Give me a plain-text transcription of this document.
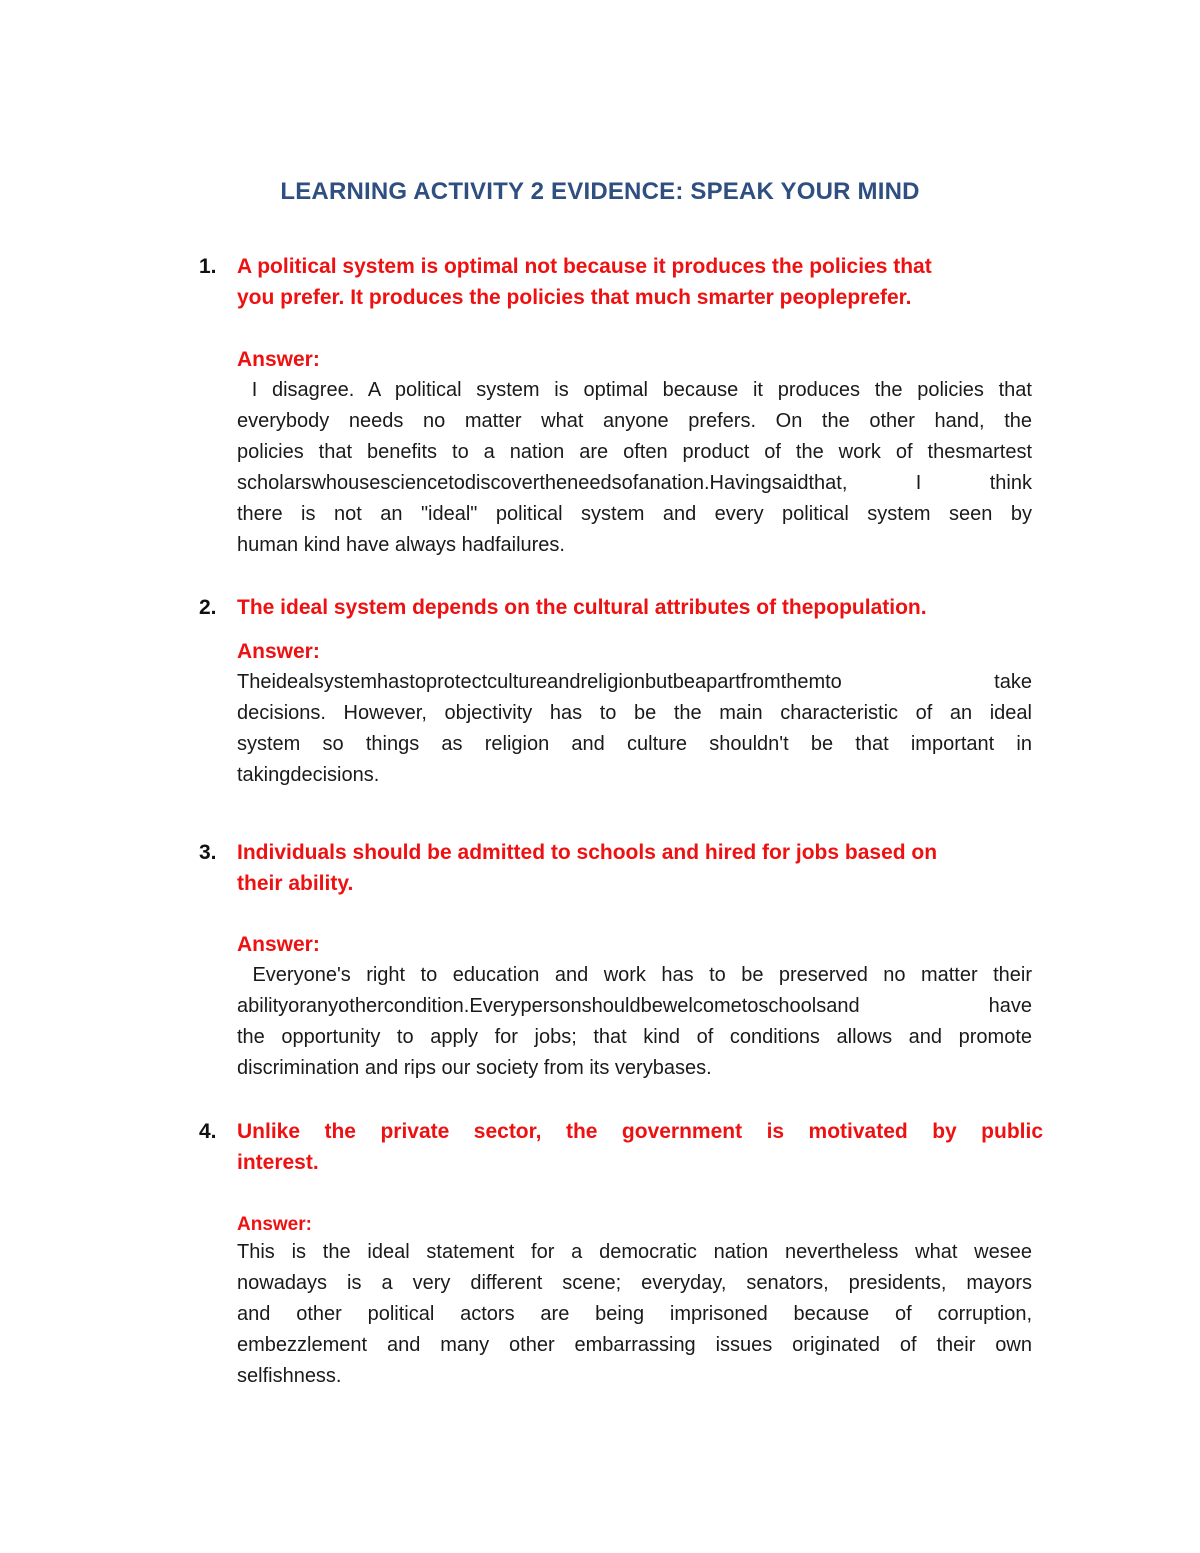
LEARNING ACTIVITY 2 EVIDENCE: SPEAK YOUR MIND
1. A political system is optimal not because it produces the policies that
you prefer. It produces the policies that much smarter peopleprefer.
Answer:
I disagree. A political system is optimal because it produces the policies that
everybody needs no matter what anyone prefers. On the other hand, the
policies that benefits to a nation are often product of the work of thesmartest
scholarswhousesciencetodiscovertheneedsofanation.Havingsaidthat, I think
there is not an "ideal" political system and every political system seen by
human kind have always hadfailures.
2. The ideal system depends on the cultural attributes of thepopulation.
Answer:
Theidealsystemhastoprotectcultureandreligionbutbeapartfromthemto take
decisions. However, objectivity has to be the main characteristic of an ideal
system so things as religion and culture shouldn't be that important in
takingdecisions.
3. Individuals should be admitted to schools and hired for jobs based on
their ability.
Answer:
Everyone's right to education and work has to be preserved no matter their
abilityoranyothercondition.Everypersonshouldbewelcometoschoolsand have
the opportunity to apply for jobs; that kind of conditions allows and promote
discrimination and rips our society from its verybases.
4. Unlike the private sector, the government is motivated by public
interest.
Answer:
This is the ideal statement for a democratic nation nevertheless what wesee
nowadays is a very different scene; everyday, senators, presidents, mayors
and other political actors are being imprisoned because of corruption,
embezzlement and many other embarrassing issues originated of their own
selfishness.
